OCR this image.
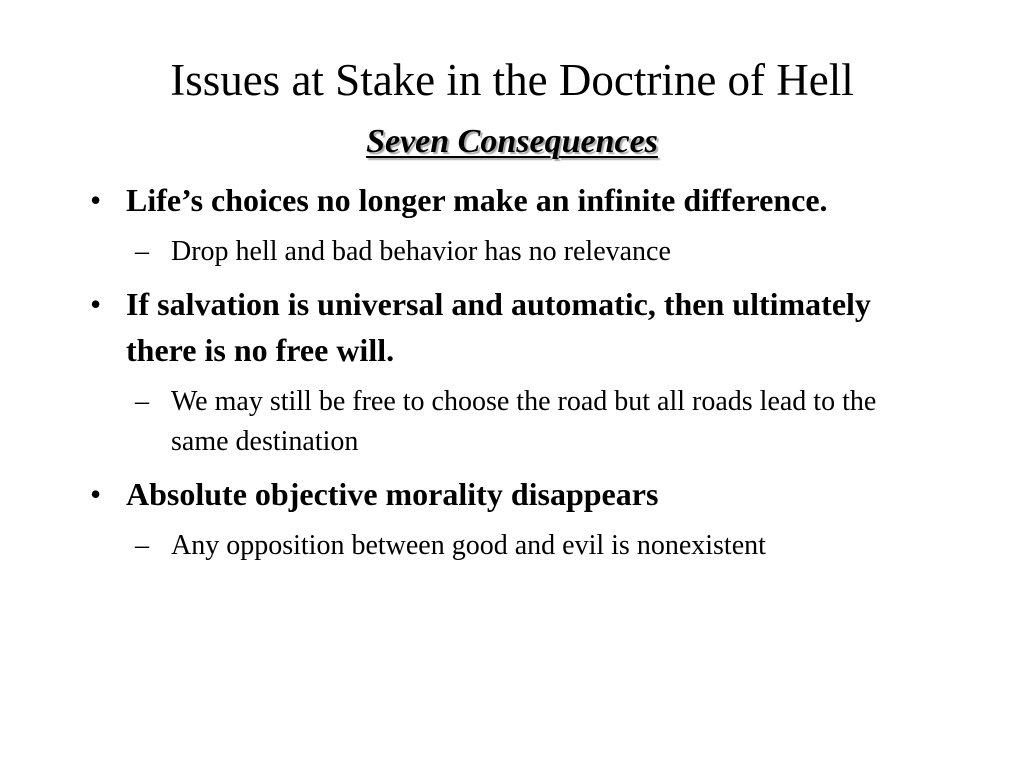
Issues at Stake in the Doctrine of Hell
Seven Consequences
• Life’s choices no longer make an infinite difference.
– Drop hell and bad behavior has no relevance
• If salvation is universal and automatic, then ultimately there is no free will.
– We may still be free to choose the road but all roads lead to the same destination
• Absolute objective morality disappears
– Any opposition between good and evil is nonexistent
